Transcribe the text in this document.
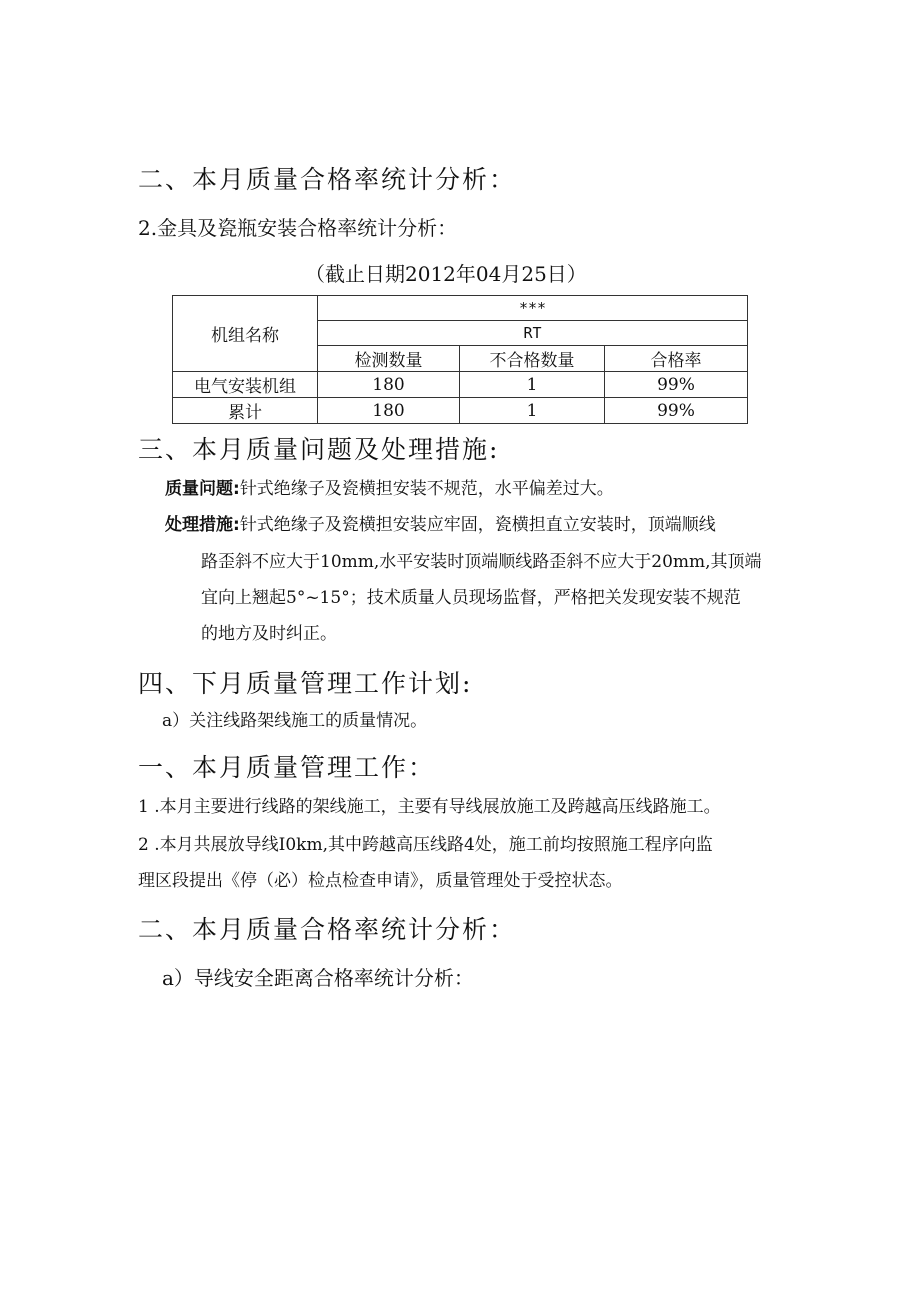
二、本月质量合格率统计分析：
2.金具及瓷瓶安装合格率统计分析：
（截止日期2012年04月25日）
机组名称	***		
	RT		
	检测数量	不合格数量	合格率
电气安装机组	180	1	99%
累计	180	1	99%
三、本月质量问题及处理措施:
质量问题:针式绝缘子及瓷横担安装不规范，水平偏差过大。
处理措施:针式绝缘子及瓷横担安装应牢固，瓷横担直立安装时，顶端顺线
路歪斜不应大于10mm,水平安装时顶端顺线路歪斜不应大于20mm,其顶端
宜向上翘起5°~15°；技术质量人员现场监督，严格把关发现安装不规范
的地方及时纠正。
四、下月质量管理工作计划:
a）关注线路架线施工的质量情况。
一、本月质量管理工作：
1 .本月主要进行线路的架线施工，主要有导线展放施工及跨越高压线路施工。
2 .本月共展放导线I0km,其中跨越高压线路4处，施工前均按照施工程序向监
理区段提出《停（必）检点检查申请》，质量管理处于受控状态。
二、本月质量合格率统计分析：
a）导线安全距离合格率统计分析：
